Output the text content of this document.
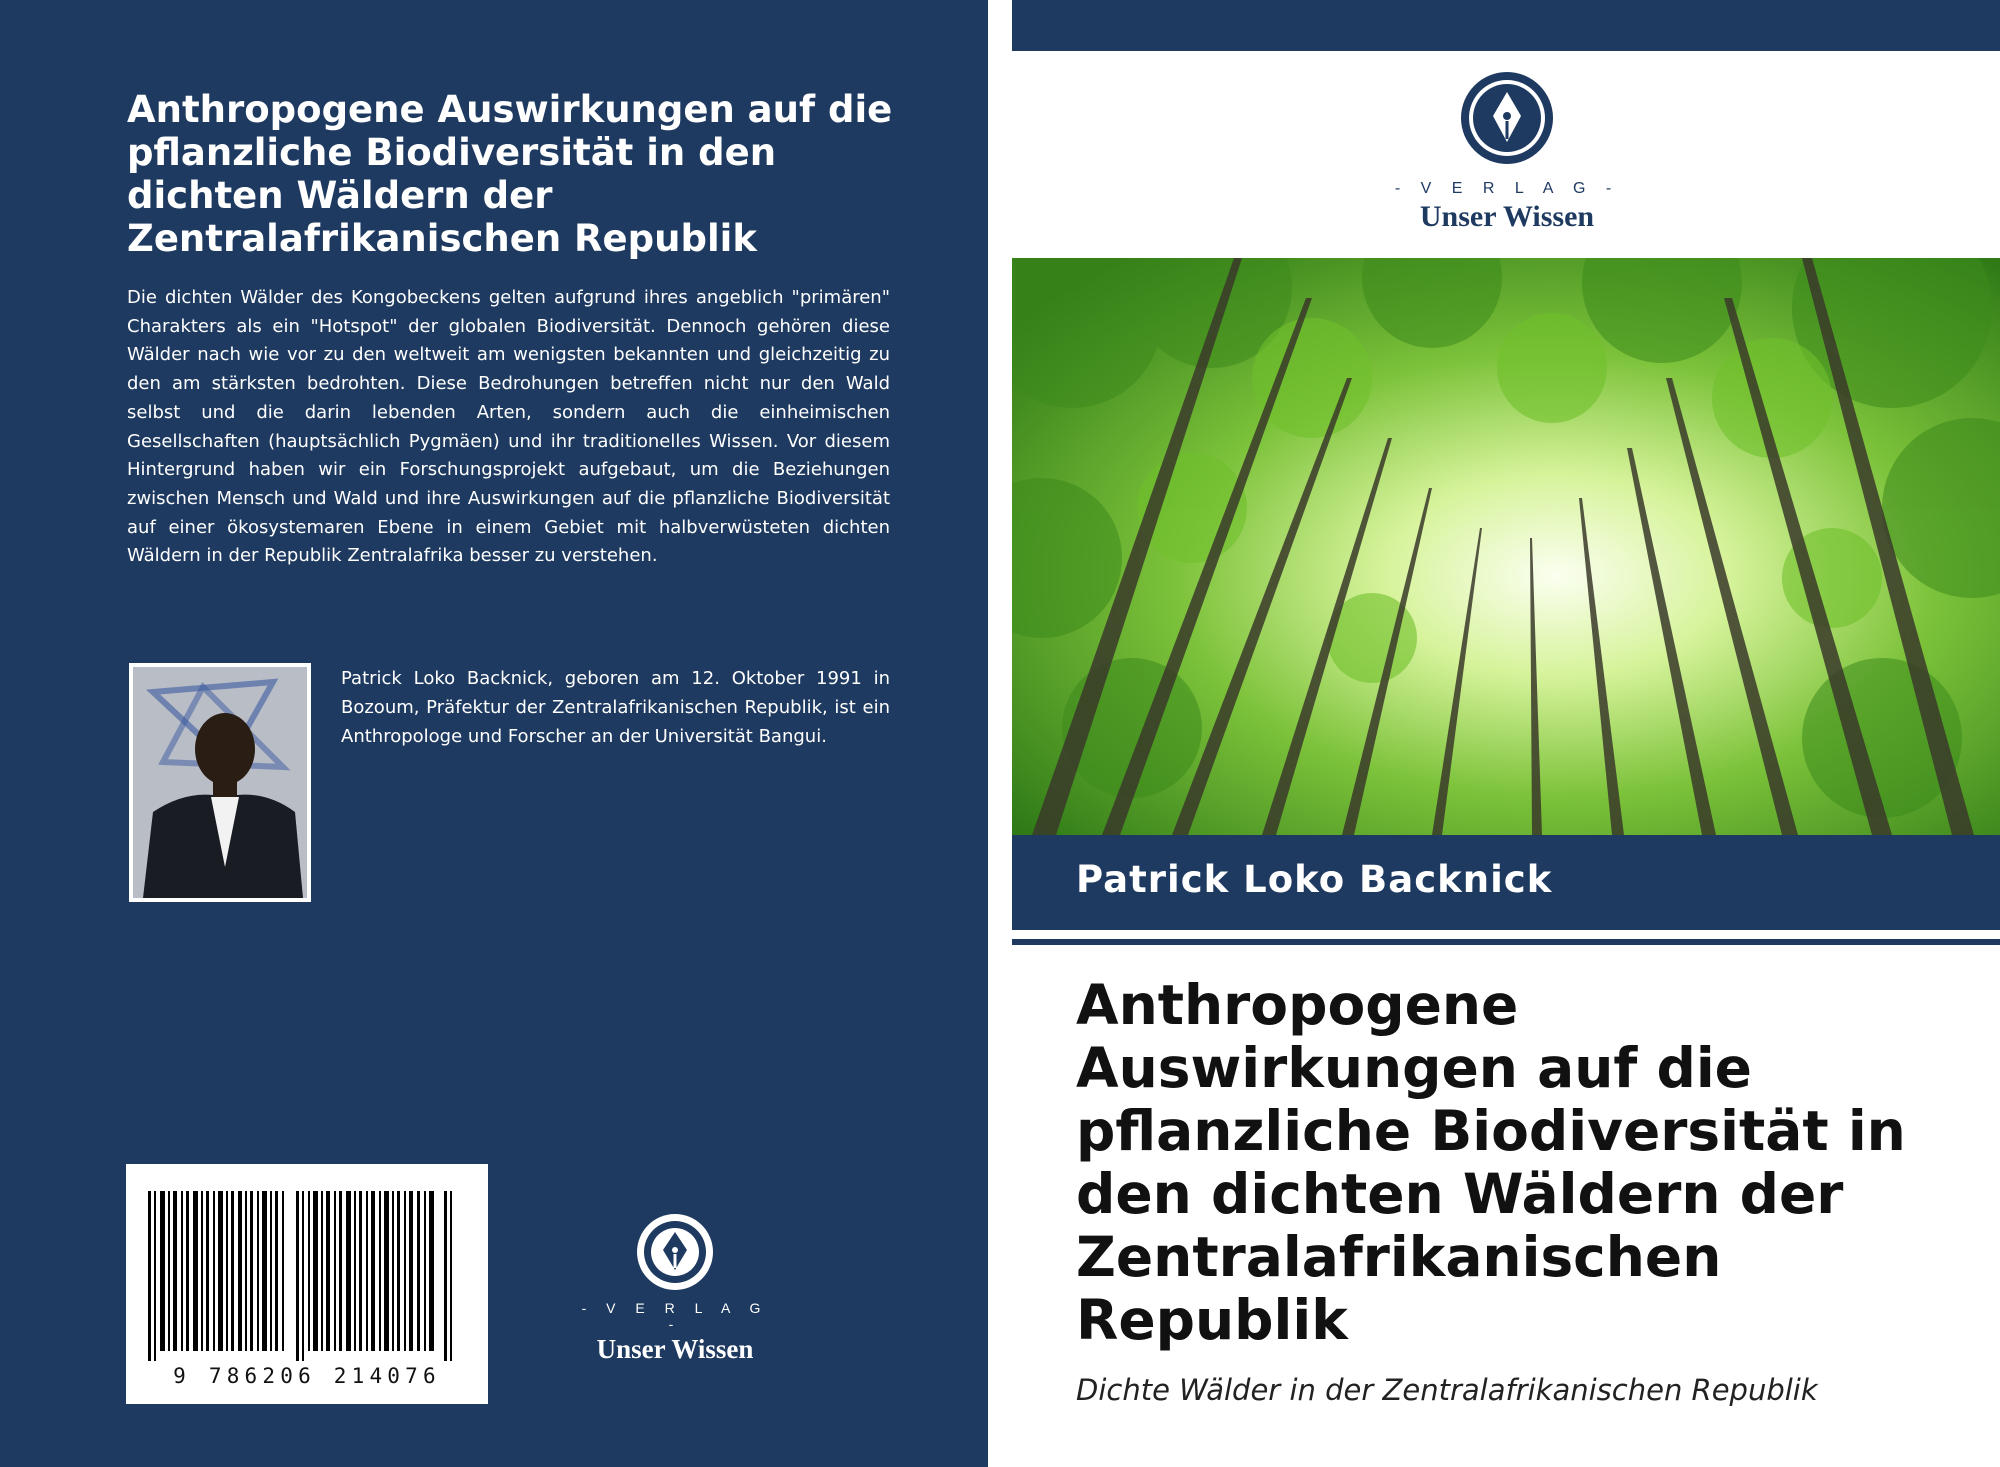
Anthropogene Auswirkungen auf die pflanzliche Biodiversität in den dichten Wäldern der Zentralafrikanischen Republik

Die dichten Wälder des Kongobeckens gelten aufgrund ihres angeblich "primären" Charakters als ein "Hotspot" der globalen Biodiversität. Dennoch gehören diese Wälder nach wie vor zu den weltweit am wenigsten bekannten und gleichzeitig zu den am stärksten bedrohten. Diese Bedrohungen betreffen nicht nur den Wald selbst und die darin lebenden Arten, sondern auch die einheimischen Gesellschaften (hauptsächlich Pygmäen) und ihr traditionelles Wissen. Vor diesem Hintergrund haben wir ein Forschungsprojekt aufgebaut, um die Beziehungen zwischen Mensch und Wald und ihre Auswirkungen auf die pflanzliche Biodiversität auf einer ökosystemaren Ebene in einem Gebiet mit halbverwüsteten dichten Wäldern in der Republik Zentralafrika besser zu verstehen.

Patrick Loko Backnick, geboren am 12. Oktober 1991 in Bozoum, Präfektur der Zentralafrikanischen Republik, ist ein Anthropologe und Forscher an der Universität Bangui.

9 786206 214076
- V E R L A G -
Unser Wissen
- V E R L A G -
Unser Wissen
Patrick Loko Backnick
Anthropogene Auswirkungen auf die pflanzliche Biodiversität in den dichten Wäldern der Zentralafrikanischen Republik
Dichte Wälder in der Zentralafrikanischen Republik
